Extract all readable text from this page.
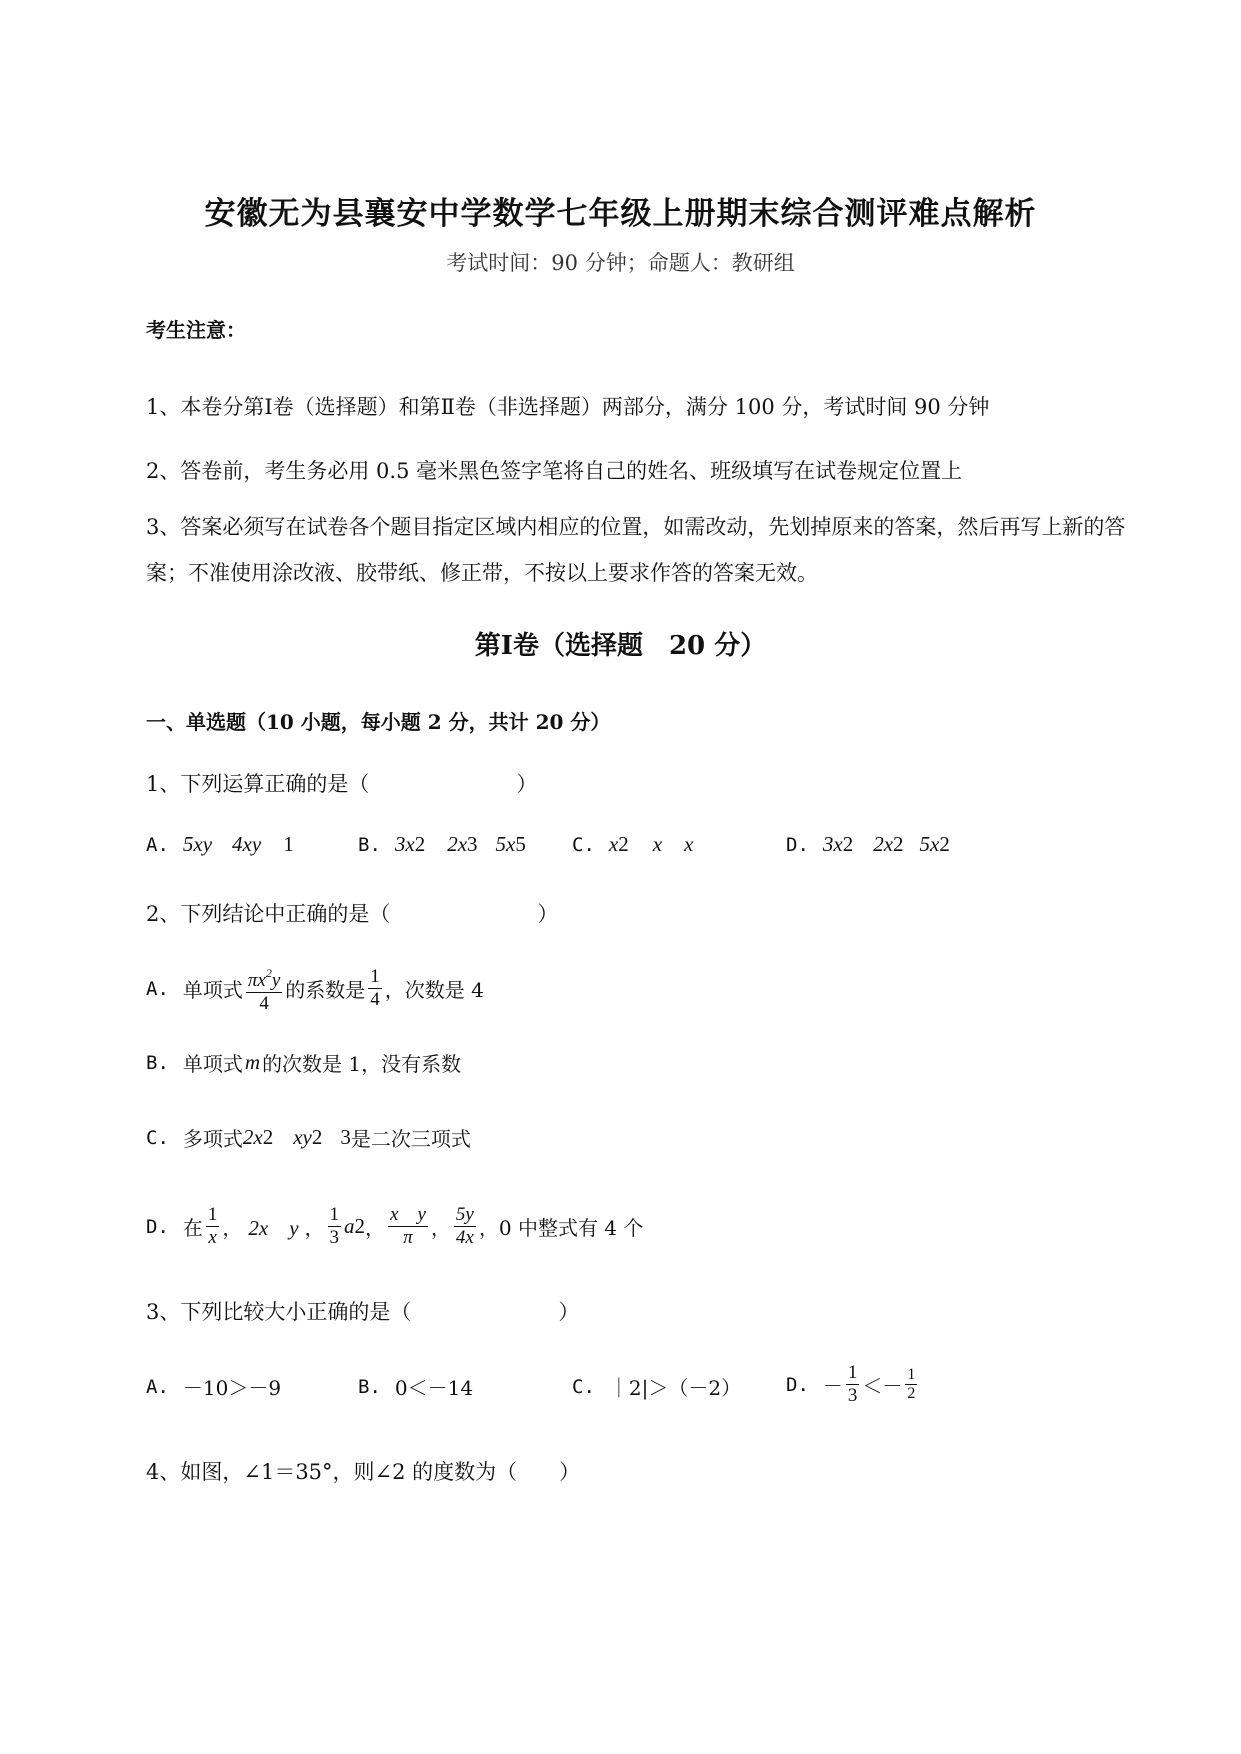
安徽无为县襄安中学数学七年级上册期末综合测评难点解析
考试时间：90 分钟；命题人：教研组
考生注意：
1、本卷分第Ⅰ卷（选择题）和第Ⅱ卷（非选择题）两部分，满分 100 分，考试时间 90 分钟
2、答卷前，考生务必用 0.5 毫米黑色签字笔将自己的姓名、班级填写在试卷规定位置上
3、答案必须写在试卷各个题目指定区域内相应的位置，如需改动，先划掉原来的答案，然后再写上新的答案；不准使用涂改液、胶带纸、修正带，不按以上要求作答的答案无效。
第Ⅰ卷（选择题　20 分）
一、单选题（10 小题，每小题 2 分，共计 20 分）
1、下列运算正确的是（　　　　　　　）
A. 5xy 4xy 1	B. 3x 2 2x 3 5x 5 C. x 2 x x	D. 3x 2 2x 2 5x 2
2、下列结论中正确的是（　　　　　　　）
A. 单项式 $\frac{\pi x^2y}{4}$ 的系数是 $\frac{1}{4}$ ，次数是 4
B. 单项式 m 的次数是 1，没有系数
C. 多项式 2x 2 xy 2 3 是二次三项式
D. 在 $\frac{1}{x}$ ， 2x　y ， $\frac{1}{3}$ a 2 ， $\frac{\text{x　y}}{\pi}$ ， $\frac{5y}{4x}$ ，0 中整式有 4 个
3、下列比较大小正确的是（　　　　　　　）
A. －10＞－9	B. 0＜－14	C. ｜2|＞（－2） D. － $\frac{1}{3} <- \frac{1}{2}$
4、如图，∠1＝35°，则∠2 的度数为（　　）
